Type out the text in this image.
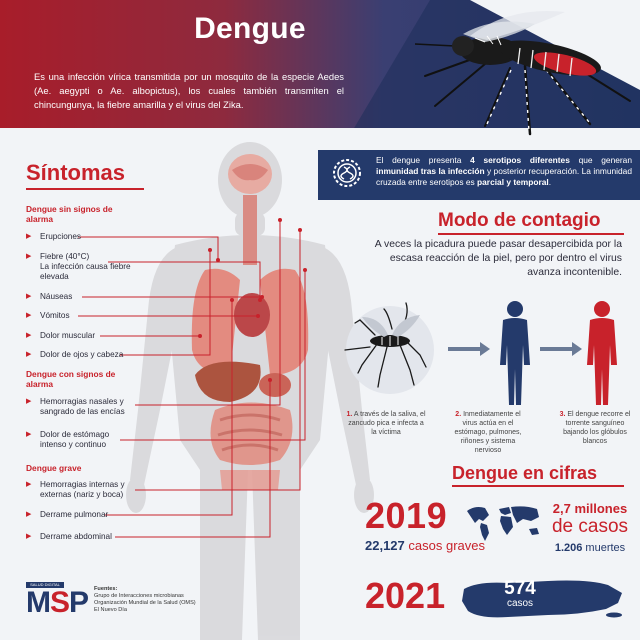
Dengue
Es una infección vírica transmitida por un mosquito de la especie Aedes (Ae. aegypti o Ae. albopictus), los cuales también transmiten el chincungunya, la fiebre amarilla y el virus del Zika.
Síntomas
Dengue sin signos de alarma
▶	Erupciones
▶	Fiebre (40°C)
La infección causa fiebre elevada
▶	Náuseas
▶	Vómitos
▶	Dolor muscular
▶	Dolor de ojos y cabeza
Dengue con signos de alarma
▶	Hemorragias nasales y sangrado de las encías
▶	Dolor de estómago intenso y continuo
Dengue grave
▶	Hemorragias internas y externas (nariz y boca)
▶	Derrame pulmonar
▶	Derrame abdominal
El dengue presenta 4 serotipos diferentes que generan inmunidad tras la infección y posterior recuperación. La inmunidad cruzada entre serotipos es parcial y temporal.
Modo de contagio
A veces la picadura puede pasar desapercibida por la escasa reacción de la piel, pero por dentro el virus avanza incontenible.
1. A través de la saliva, el zancudo pica e infecta a la víctima
2. Inmediatamente el virus actúa en el estómago, pulmones, riñones y sistema nervioso
3. El dengue recorre el torrente sanguíneo bajando los glóbulos blancos
Dengue en cifras
2019
22,127 casos graves
2,7 millones
de casos
1.206 muertes
2021	574
casos
SALUD DIGITAL
MSP Fuentes:
Grupo de Interacciones microbianas
Organización Mundial de la Salud (OMS)
El Nuevo Día
